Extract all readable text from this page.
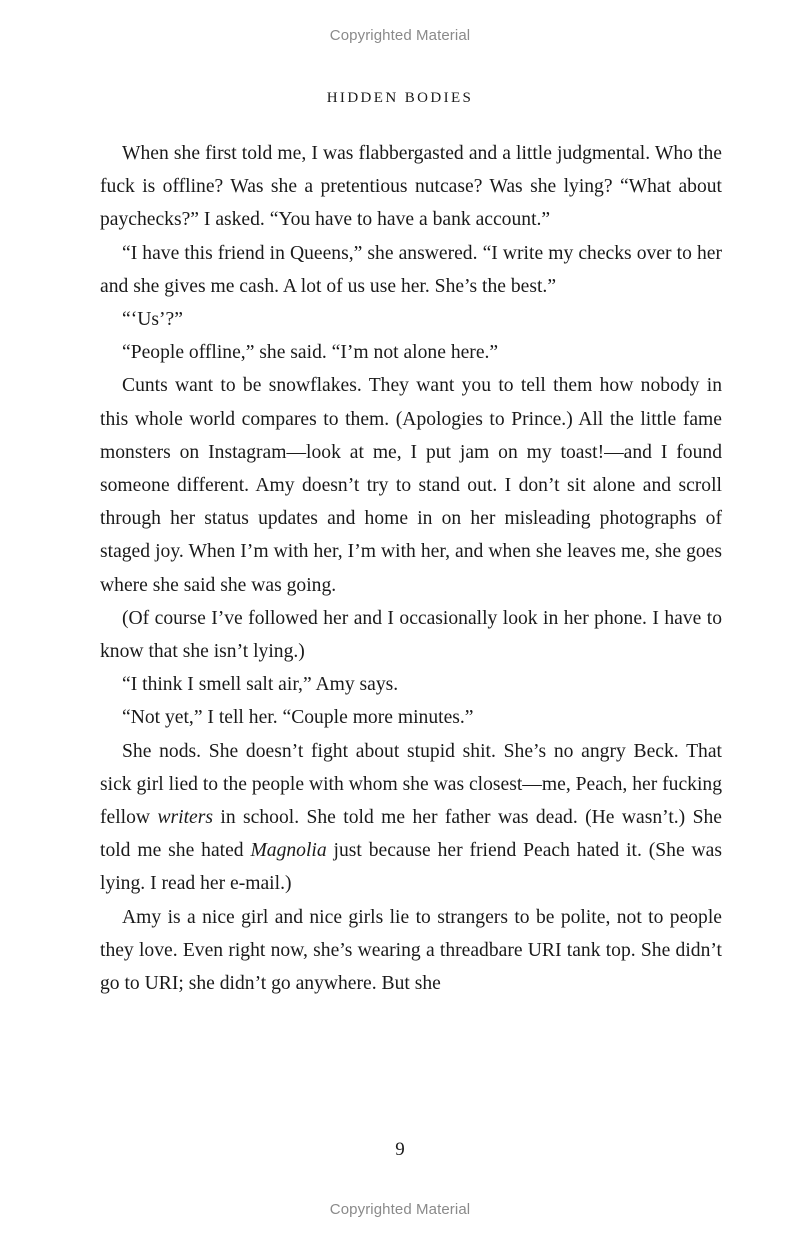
Copyrighted Material
HIDDEN BODIES

When she first told me, I was flabbergasted and a little judgmental. Who the fuck is offline? Was she a pretentious nutcase? Was she lying? “What about paychecks?” I asked. “You have to have a bank account.”

“I have this friend in Queens,” she answered. “I write my checks over to her and she gives me cash. A lot of us use her. She’s the best.”

“‘Us’?”

“People offline,” she said. “I’m not alone here.”

Cunts want to be snowflakes. They want you to tell them how nobody in this whole world compares to them. (Apologies to Prince.) All the little fame monsters on Instagram—look at me, I put jam on my toast!—and I found someone different. Amy doesn’t try to stand out. I don’t sit alone and scroll through her status updates and home in on her misleading photographs of staged joy. When I’m with her, I’m with her, and when she leaves me, she goes where she said she was going.

(Of course I’ve followed her and I occasionally look in her phone. I have to know that she isn’t lying.)

“I think I smell salt air,” Amy says.

“Not yet,” I tell her. “Couple more minutes.”

She nods. She doesn’t fight about stupid shit. She’s no angry Beck. That sick girl lied to the people with whom she was closest—me, Peach, her fucking fellow writers in school. She told me her father was dead. (He wasn’t.) She told me she hated Magnolia just because her friend Peach hated it. (She was lying. I read her e-mail.)

Amy is a nice girl and nice girls lie to strangers to be polite, not to people they love. Even right now, she’s wearing a threadbare URI tank top. She didn’t go to URI; she didn’t go anywhere. But she

9
Copyrighted Material
